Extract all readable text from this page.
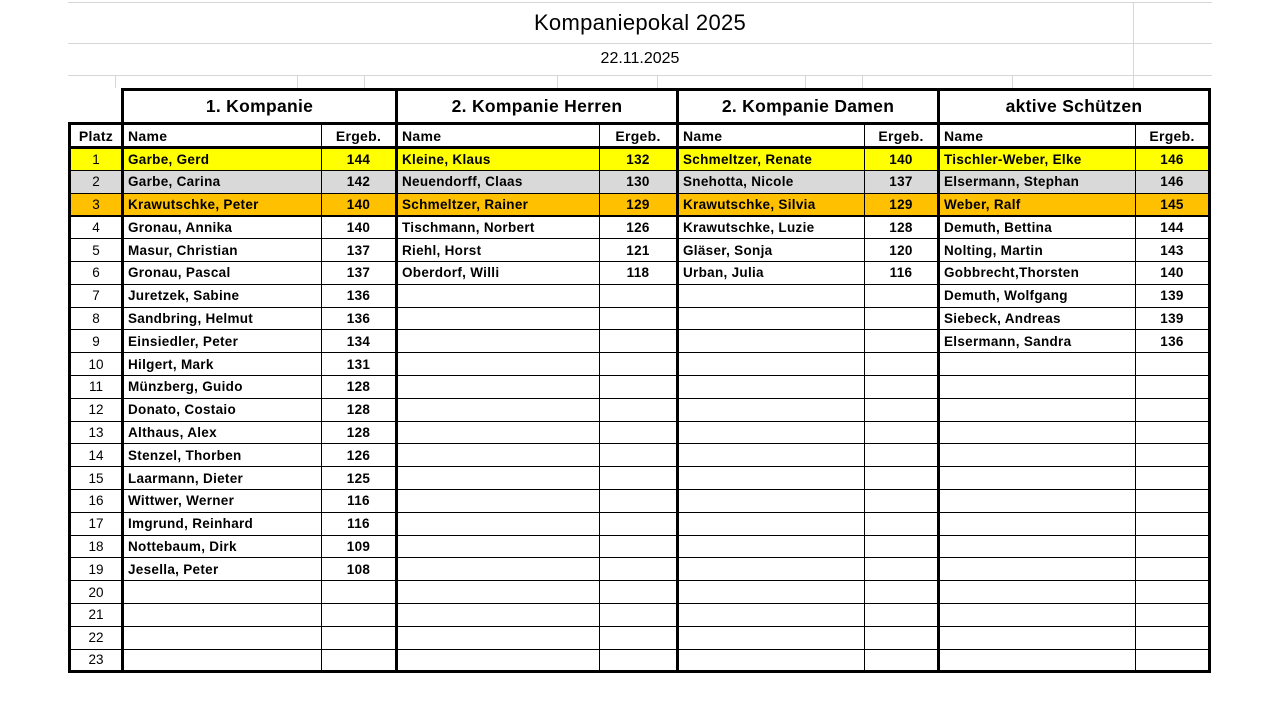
Kompaniepokal 2025
22.11.2025
	1. Kompanie		2. Kompanie Herren		2. Kompanie Damen		aktive Schützen	
Platz	Name	Ergeb.	Name	Ergeb.	Name	Ergeb.	Name	Ergeb.
1	Garbe, Gerd	144	Kleine, Klaus	132	Schmeltzer, Renate	140	Tischler-Weber, Elke	146
2	Garbe, Carina	142	Neuendorff, Claas	130	Snehotta, Nicole	137	Elsermann, Stephan	146
3	Krawutschke, Peter	140	Schmeltzer, Rainer	129	Krawutschke, Silvia	129	Weber, Ralf	145
4	Gronau, Annika	140	Tischmann, Norbert	126	Krawutschke, Luzie	128	Demuth, Bettina	144
5	Masur, Christian	137	Riehl, Horst	121	Gläser, Sonja	120	Nolting, Martin	143
6	Gronau, Pascal	137	Oberdorf, Willi	118	Urban, Julia	116	Gobbrecht,Thorsten	140
7	Juretzek, Sabine	136					Demuth, Wolfgang	139
8	Sandbring, Helmut	136					Siebeck, Andreas	139
9	Einsiedler, Peter	134					Elsermann, Sandra	136
10	Hilgert, Mark	131						
11	Münzberg, Guido	128						
12	Donato, Costaio	128						
13	Althaus, Alex	128						
14	Stenzel, Thorben	126						
15	Laarmann, Dieter	125						
16	Wittwer, Werner	116						
17	Imgrund, Reinhard	116						
18	Nottebaum, Dirk	109						
19	Jesella, Peter	108						
20								
21								
22								
23								
